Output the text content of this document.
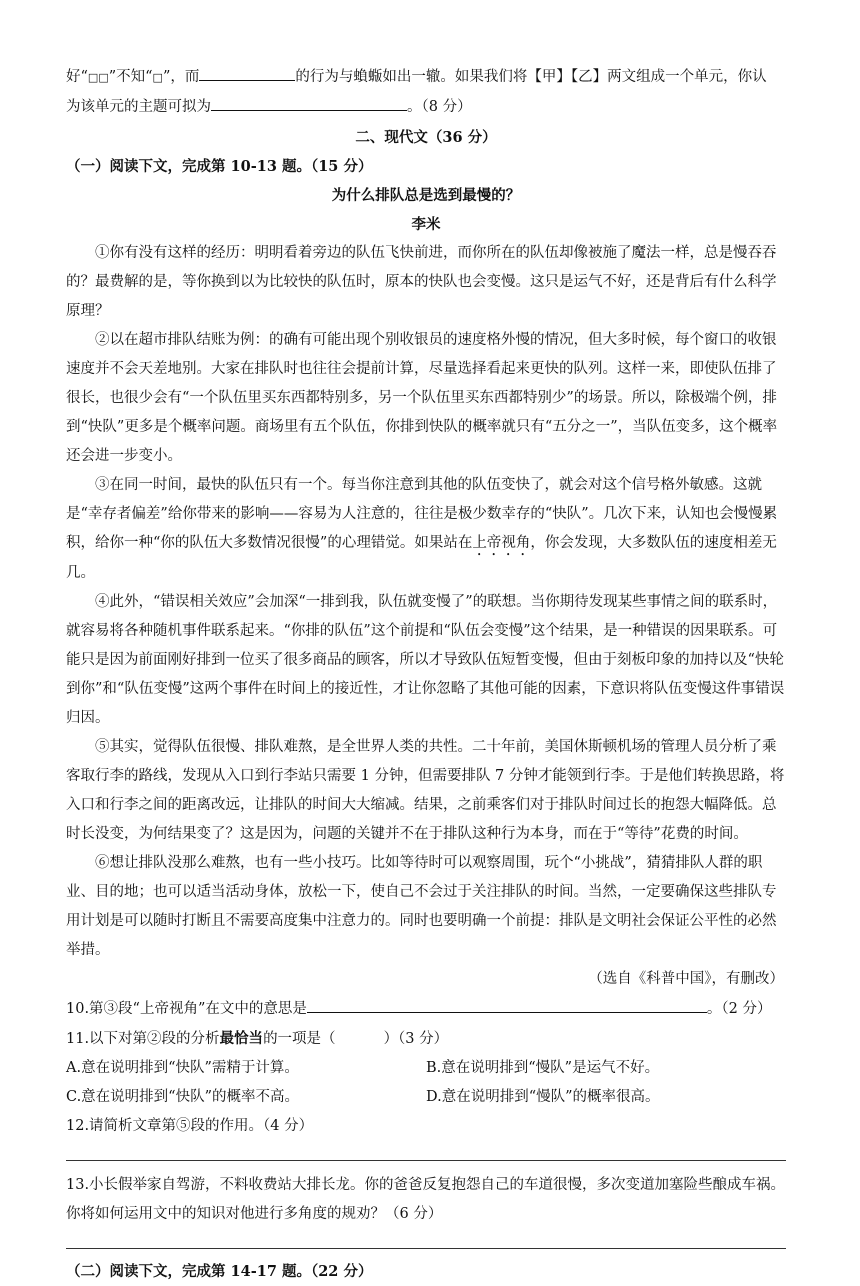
好“□□”不知“□”，而	的行为与蝜蝂如出一辙。如果我们将【甲】【乙】两文组成一个单元，你认

为该单元的主题可拟为	。（8 分）

二、现代文（36 分）

（一）阅读下文，完成第 10-13 题。（15 分）

为什么排队总是选到最慢的？

李米

①你有没有这样的经历：明明看着旁边的队伍飞快前进，而你所在的队伍却像被施了魔法一样，总是慢吞吞的？最费解的是，等你换到以为比较快的队伍时，原本的快队也会变慢。这只是运气不好，还是背后有什么科学原理？

②以在超市排队结账为例：的确有可能出现个别收银员的速度格外慢的情况，但大多时候，每个窗口的收银速度并不会天差地别。大家在排队时也往往会提前计算，尽量选择看起来更快的队列。这样一来，即使队伍排了很长，也很少会有“一个队伍里买东西都特别多，另一个队伍里买东西都特别少”的场景。所以，除极端个例，排到“快队”更多是个概率问题。商场里有五个队伍，你排到快队的概率就只有“五分之一”，当队伍变多，这个概率还会进一步变小。

③在同一时间，最快的队伍只有一个。每当你注意到其他的队伍变快了，就会对这个信号格外敏感。这就是“幸存者偏差”给你带来的影响——容易为人注意的，往往是极少数幸存的“快队”。几次下来，认知也会慢慢累积，给你一种“你的队伍大多数情况很慢”的心理错觉。如果站在上帝视角，你会发现，大多数队伍的速度相差无几。

④此外，“错误相关效应”会加深“一排到我，队伍就变慢了”的联想。当你期待发现某些事情之间的联系时，就容易将各种随机事件联系起来。“你排的队伍”这个前提和“队伍会变慢”这个结果，是一种错误的因果联系。可能只是因为前面刚好排到一位买了很多商品的顾客，所以才导致队伍短暂变慢，但由于刻板印象的加持以及“快轮到你”和“队伍变慢”这两个事件在时间上的接近性，才让你忽略了其他可能的因素，下意识将队伍变慢这件事错误归因。

⑤其实，觉得队伍很慢、排队难熬，是全世界人类的共性。二十年前，美国休斯顿机场的管理人员分析了乘客取行李的路线，发现从入口到行李站只需要 1 分钟，但需要排队 7 分钟才能领到行李。于是他们转换思路，将入口和行李之间的距离改远，让排队的时间大大缩减。结果，之前乘客们对于排队时间过长的抱怨大幅降低。总时长没变，为何结果变了？这是因为，问题的关键并不在于排队这种行为本身，而在于“等待”花费的时间。

⑥想让排队没那么难熬，也有一些小技巧。比如等待时可以观察周围，玩个“小挑战”，猜猜排队人群的职业、目的地；也可以适当活动身体，放松一下，使自己不会过于关注排队的时间。当然，一定要确保这些排队专用计划是可以随时打断且不需要高度集中注意力的。同时也要明确一个前提：排队是文明社会保证公平性的必然举措。

（选自《科普中国》，有删改）

10.第③段“上帝视角”在文中的意思是	。（2 分）

11.以下对第②段的分析最恰当的一项是（	）（3 分）

A.意在说明排到“快队”需精于计算。	B.意在说明排到“慢队”是运气不好。
C.意在说明排到“快队”的概率不高。	D.意在说明排到“慢队”的概率很高。

12.请简析文章第⑤段的作用。（4 分）

13.小长假举家自驾游，不料收费站大排长龙。你的爸爸反复抱怨自己的车道很慢，多次变道加塞险些酿成车祸。你将如何运用文中的知识对他进行多角度的规劝？（6 分）

（二）阅读下文，完成第 14-17 题。（22 分）
